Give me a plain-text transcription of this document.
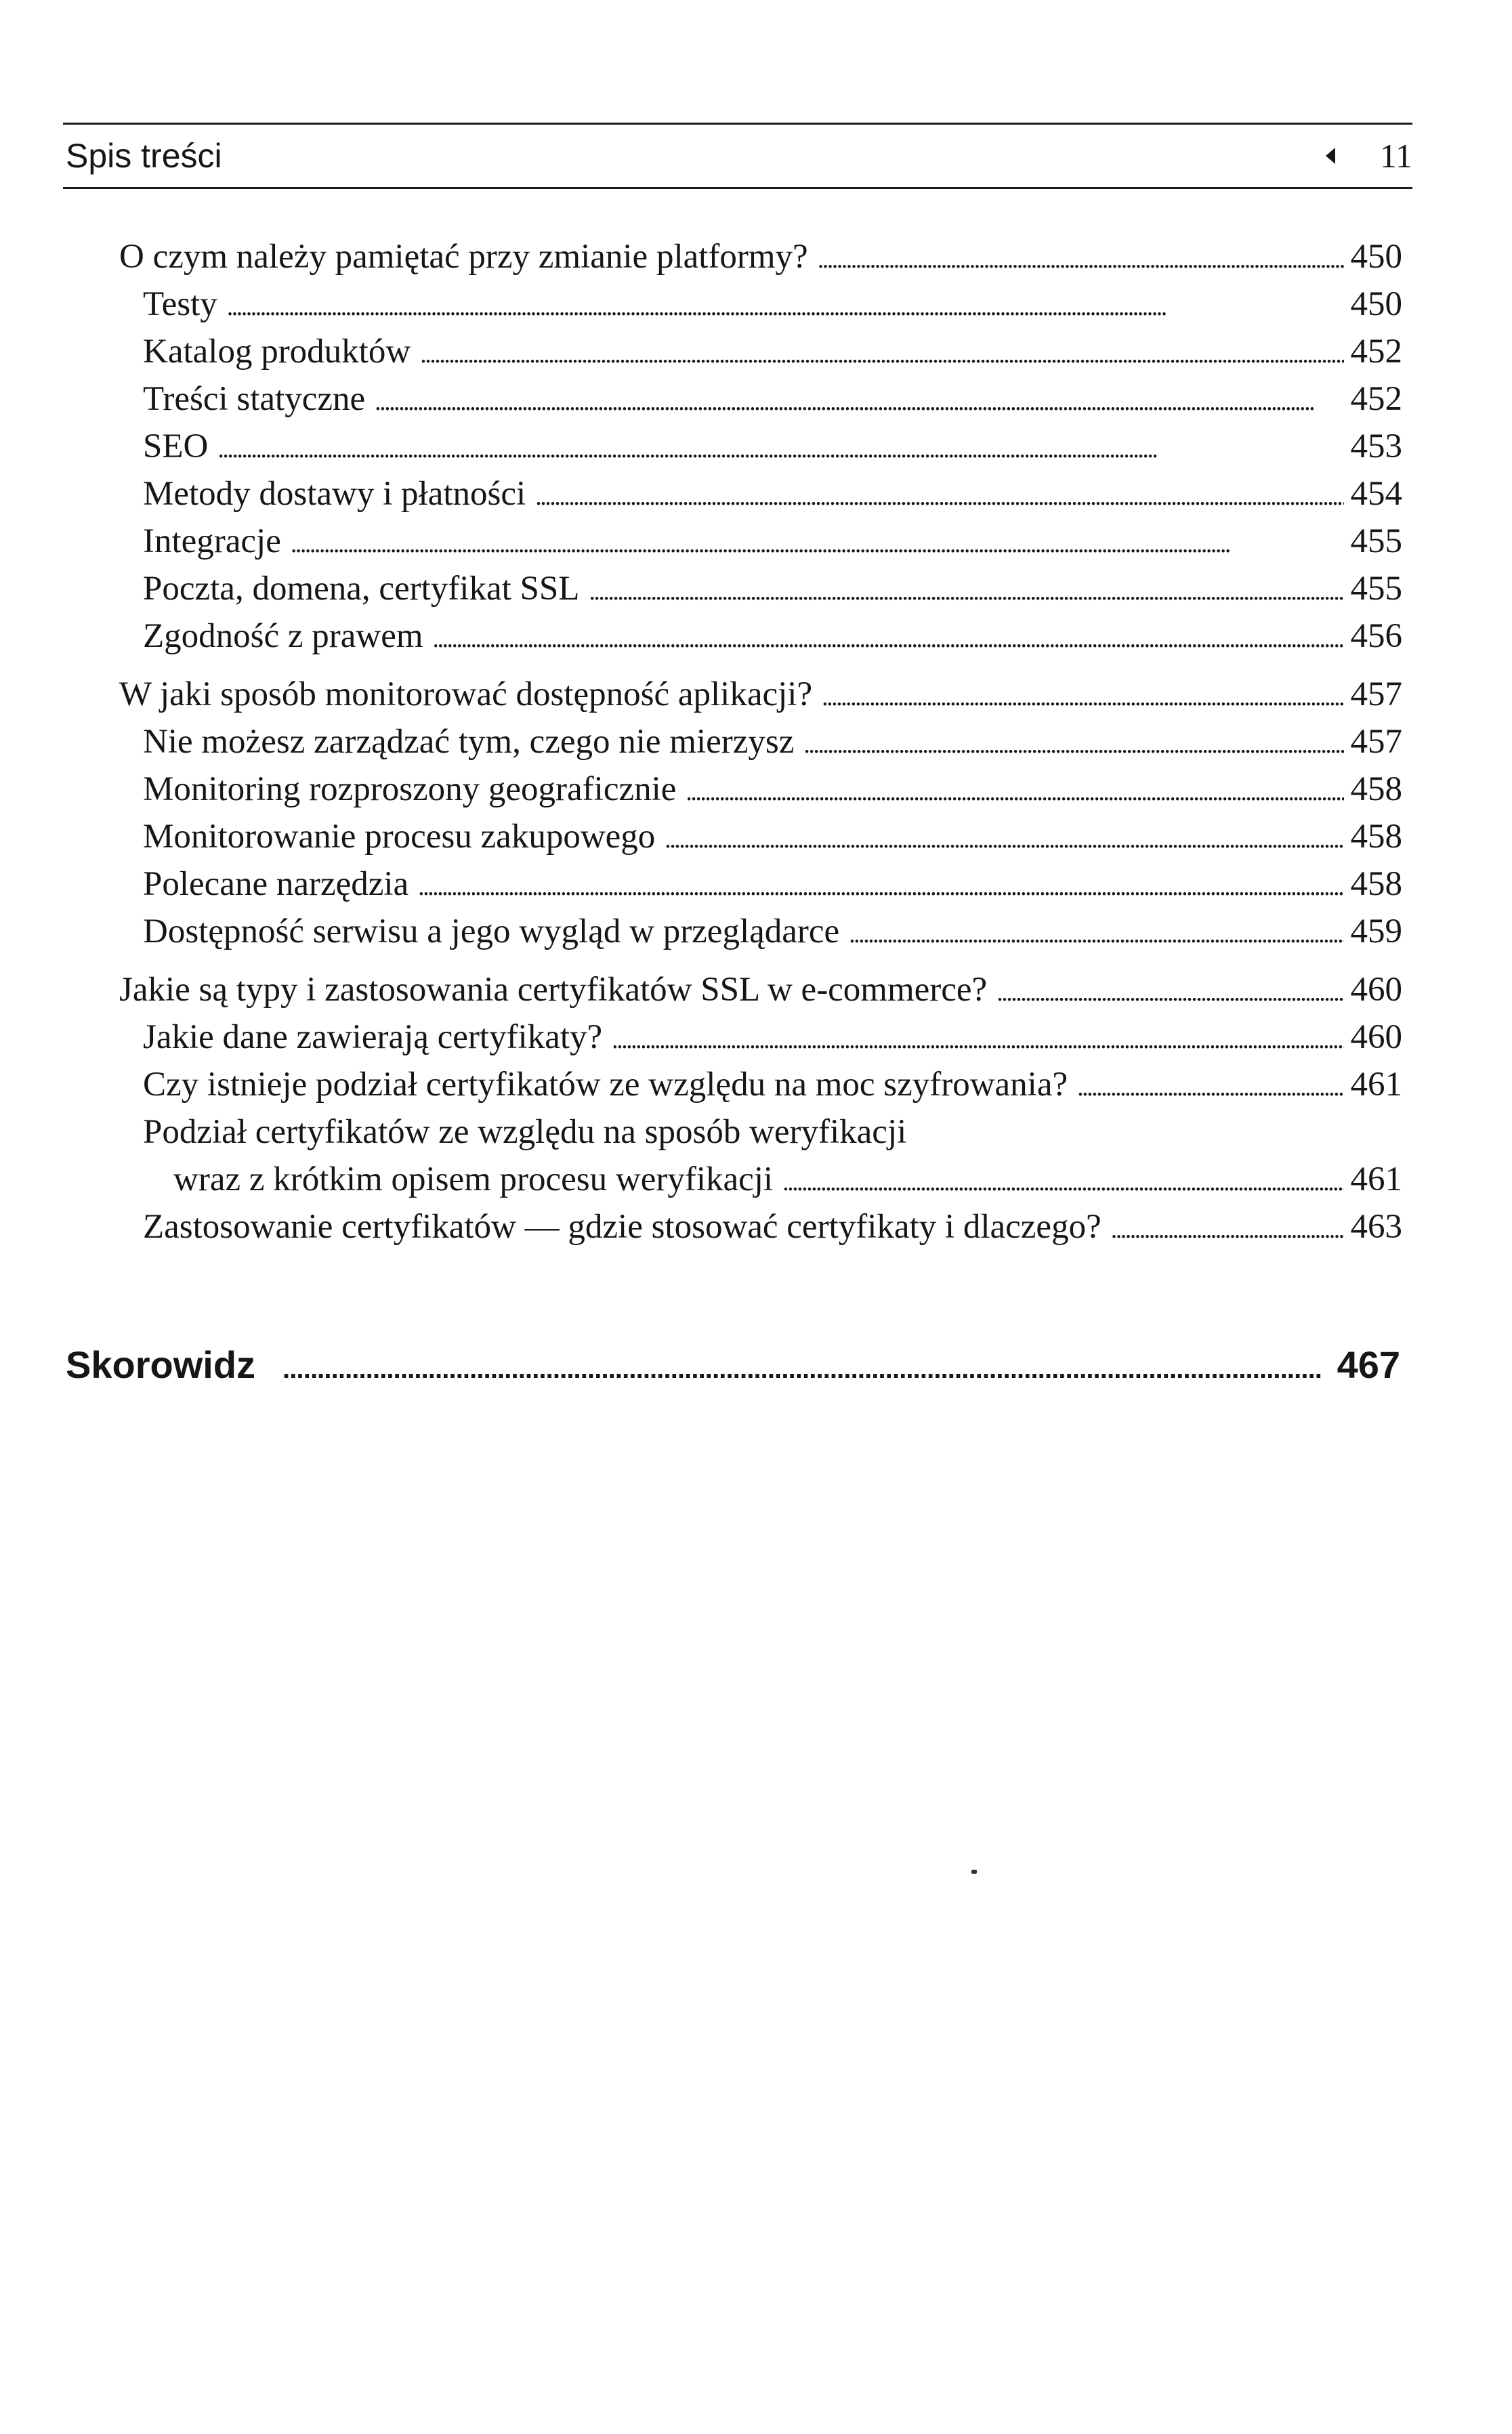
Spis treści	11
O czym należy pamiętać przy zmianie platformy? . . .	450
Testy . . .	450
Katalog produktów . . .	452
Treści statyczne . . .	452
SEO . . .	453
Metody dostawy i płatności . . .	454
Integracje . . .	455
Poczta, domena, certyfikat SSL . . .	455
Zgodność z prawem . . .	456
W jaki sposób monitorować dostępność aplikacji? . . .	457
Nie możesz zarządzać tym, czego nie mierzysz . . .	457
Monitoring rozproszony geograficznie . . .	458
Monitorowanie procesu zakupowego . . .	458
Polecane narzędzia . . .	458
Dostępność serwisu a jego wygląd w przeglądarce . . .	459
Jakie są typy i zastosowania certyfikatów SSL w e-commerce? . . .	460
Jakie dane zawierają certyfikaty? . . .	460
Czy istnieje podział certyfikatów ze względu na moc szyfrowania? . . .	461
Podział certyfikatów ze względu na sposób weryfikacji
wraz z krótkim opisem procesu weryfikacji . . .	461
Zastosowanie certyfikatów — gdzie stosować certyfikaty i dlaczego? . . .	463
Skorowidz . . .	467
